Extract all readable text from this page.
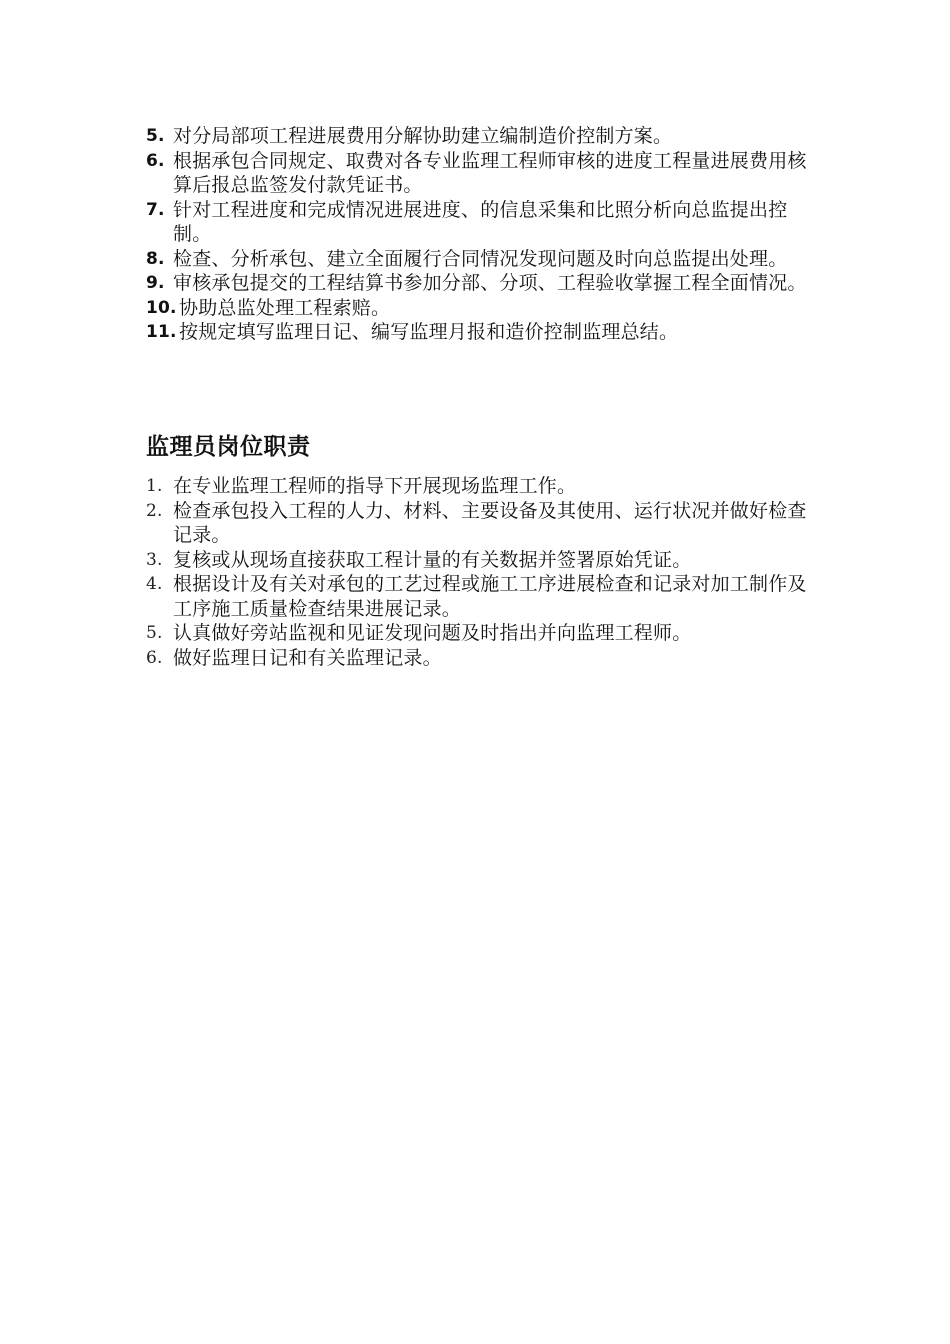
5. 对分局部项工程进展费用分解协助建立编制造价控制方案。
6. 根据承包合同规定、取费对各专业监理工程师审核的进度工程量进展费用核算后报总监签发付款凭证书。
7. 针对工程进度和完成情况进展进度、的信息采集和比照分析向总监提出控制。
8. 检查、分析承包、建立全面履行合同情况发现问题及时向总监提出处理。
9. 审核承包提交的工程结算书参加分部、分项、工程验收掌握工程全面情况。
10. 协助总监处理工程索赔。
11. 按规定填写监理日记、编写监理月报和造价控制监理总结。
监理员岗位职责
1. 在专业监理工程师的指导下开展现场监理工作。
2. 检查承包投入工程的人力、材料、主要设备及其使用、运行状况并做好检查记录。
3. 复核或从现场直接获取工程计量的有关数据并签署原始凭证。
4. 根据设计及有关对承包的工艺过程或施工工序进展检查和记录对加工制作及工序施工质量检查结果进展记录。
5. 认真做好旁站监视和见证发现问题及时指出并向监理工程师。
6. 做好监理日记和有关监理记录。
